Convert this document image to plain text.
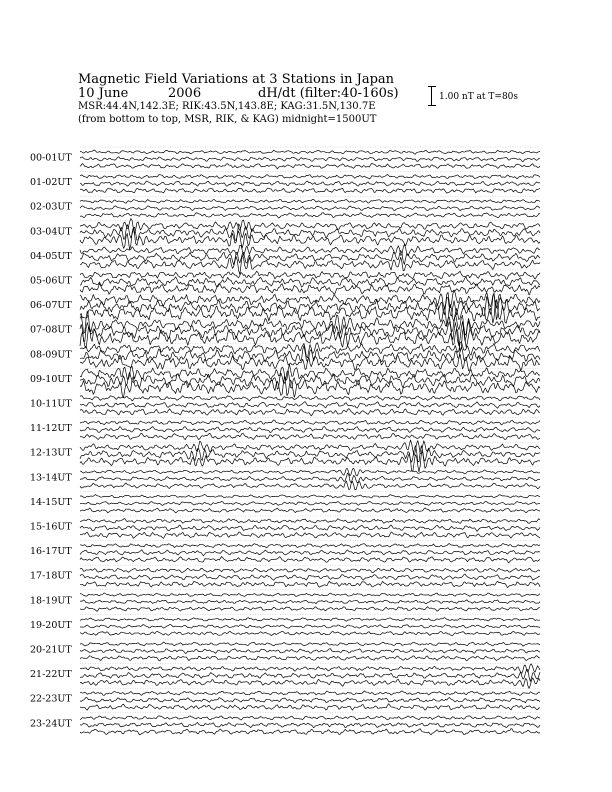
Magnetic Field Variations at 3 Stations in Japan
10 June	2006	dH/dt (filter:40-160s)
MSR:44.4N,142.3E; RIK:43.5N,143.8E; KAG:31.5N,130.7E
(from bottom to top, MSR, RIK, & KAG) midnight=1500UT
1.00 nT at T=80s
00-01UT
01-02UT
02-03UT
03-04UT
04-05UT
05-06UT
06-07UT
07-08UT
08-09UT
09-10UT
10-11UT
11-12UT
12-13UT
13-14UT
14-15UT
15-16UT
16-17UT
17-18UT
18-19UT
19-20UT
20-21UT
21-22UT
22-23UT
23-24UT
